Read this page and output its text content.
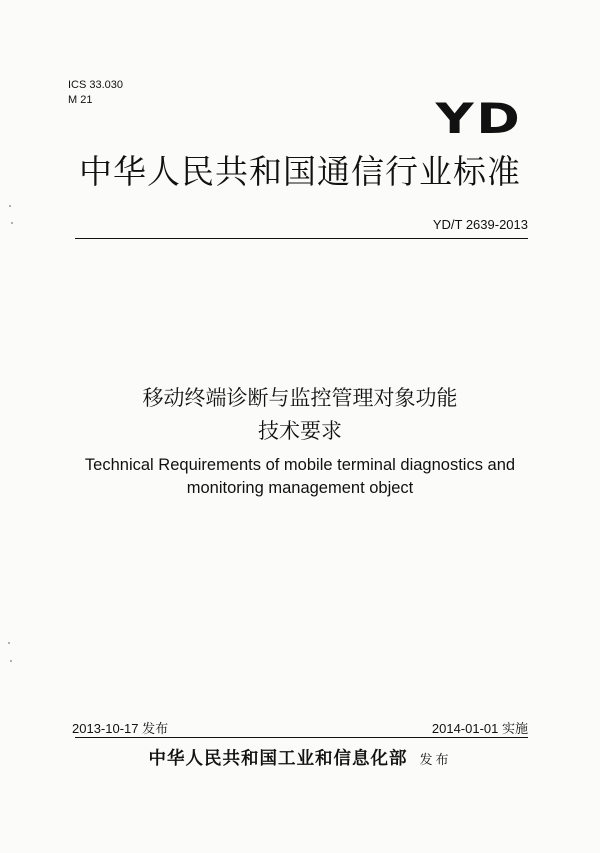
ICS 33.030
M 21	YD
中华人民共和国通信行业标准
YD/T 2639-2013
移动终端诊断与监控管理对象功能
技术要求
Technical Requirements of mobile terminal diagnostics and
monitoring management object
2013-10-17 发布	2014-01-01 实施
中华人民共和国工业和信息化部 发布
